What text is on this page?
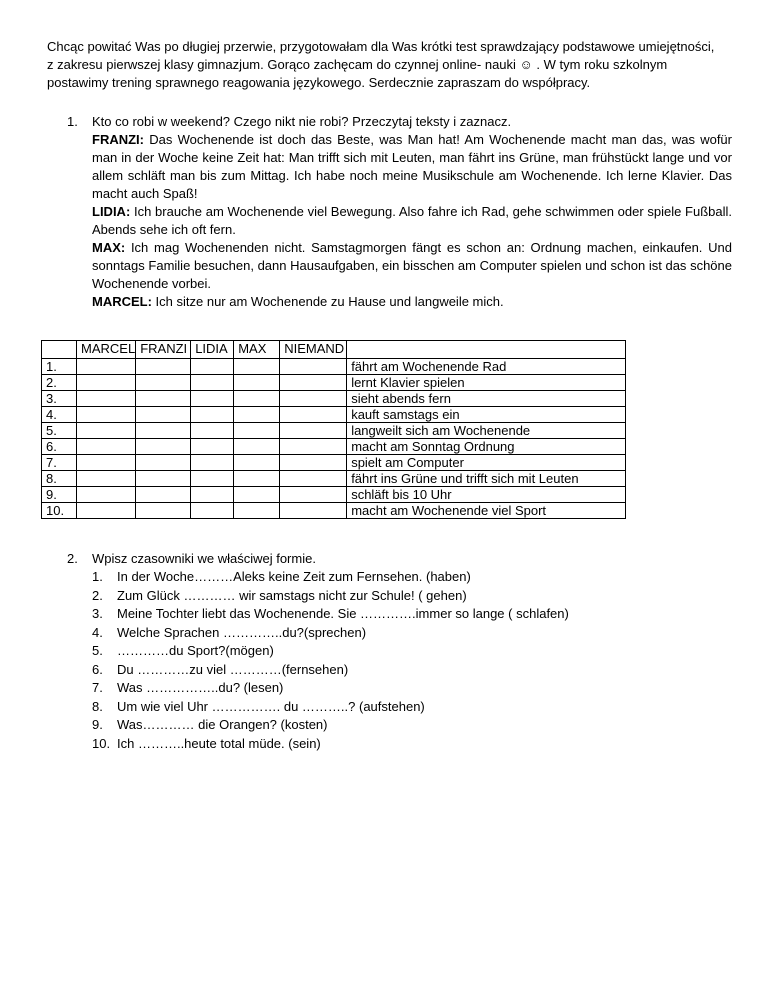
Chcąc powitać Was po długiej przerwie, przygotowałam dla Was krótki test sprawdzający podstawowe umiejętności,

z zakresu pierwszej klasy gimnazjum. Gorąco zachęcam do czynnej online- nauki ☺ . W tym roku szkolnym

postawimy trening sprawnego reagowania językowego. Serdecznie zapraszam do współpracy.

1.	Kto co robi w weekend? Czego nikt nie robi? Przeczytaj teksty i zaznacz.

FRANZI: Das Wochenende ist doch das Beste, was Man hat! Am Wochenende macht man das, was wofür man in der Woche keine Zeit hat: Man trifft sich mit Leuten, man fährt ins Grüne, man frühstückt lange und vor allem schläft man bis zum Mittag. Ich habe noch meine Musikschule am Wochenende. Ich lerne Klavier. Das macht auch Spaß!

LIDIA: Ich brauche am Wochenende viel Bewegung. Also fahre ich Rad, gehe schwimmen oder spiele Fußball. Abends sehe ich oft fern.

MAX: Ich mag Wochenenden nicht. Samstagmorgen fängt es schon an: Ordnung machen, einkaufen. Und sonntags Familie besuchen, dann Hausaufgaben, ein bisschen am Computer spielen und schon ist das schöne Wochenende vorbei.

MARCEL: Ich sitze nur am Wochenende zu Hause und langweile mich.

	MARCEL	FRANZI	LIDIA	MAX	NIEMAND	
1.						fährt am Wochenende Rad
2.						lernt Klavier spielen
3.						sieht abends fern
4.						kauft samstags ein
5.						langweilt sich am Wochenende
6.						macht am Sonntag Ordnung
7.						spielt am Computer
8.						fährt ins Grüne und trifft sich mit Leuten
9.						schläft bis 10 Uhr
10.						macht am Wochenende viel Sport
2.	Wpisz czasowniki we właściwej formie.
1.	In der Woche………Aleks keine Zeit zum Fernsehen. (haben)
2.	Zum Glück ………… wir samstags nicht zur Schule! ( gehen)
3.	Meine Tochter liebt das Wochenende. Sie ………….immer so lange ( schlafen)
4.	Welche Sprachen …………..du?(sprechen)
5.	…………du Sport?(mögen)
6.	Du …………zu viel …………(fernsehen)
7.	Was ……………..du? (lesen)
8.	Um wie viel Uhr ……………. du ………..? (aufstehen)
9.	Was………… die Orangen? (kosten)
10. Ich ………..heute total müde. (sein)
